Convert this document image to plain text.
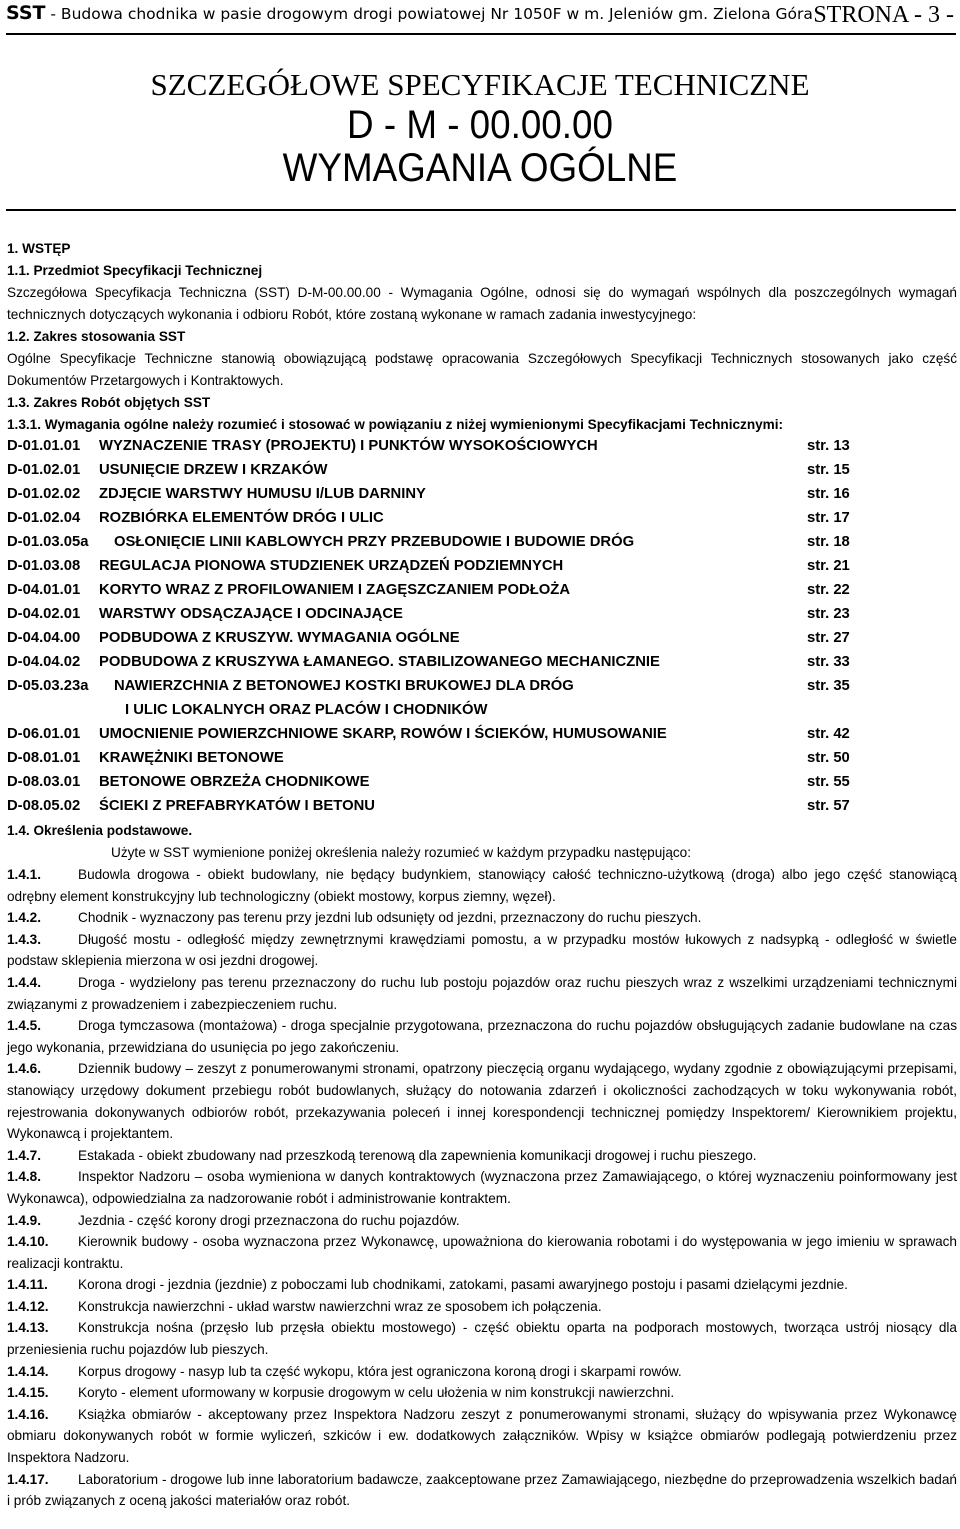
SST - Budowa chodnika w pasie drogowym drogi powiatowej Nr 1050F w m. Jeleniów gm. Zielona Góra STRONA - 3 -
SZCZEGÓŁOWE SPECYFIKACJE TECHNICZNE
D - M - 00.00.00
WYMAGANIA OGÓLNE
1. WSTĘP
1.1. Przedmiot Specyfikacji Technicznej
Szczegółowa Specyfikacja Techniczna (SST) D-M-00.00.00 - Wymagania Ogólne, odnosi się do wymagań wspólnych dla poszczególnych wymagań technicznych dotyczących wykonania i odbioru Robót, które zostaną wykonane w ramach zadania inwestycyjnego:
1.2. Zakres stosowania SST
Ogólne Specyfikacje Techniczne stanowią obowiązującą podstawę opracowania Szczegółowych Specyfikacji Technicznych stosowanych jako część Dokumentów Przetargowych i Kontraktowych.
1.3. Zakres Robót objętych SST
1.3.1. Wymagania ogólne należy rozumieć i stosować w powiązaniu z niżej wymienionymi Specyfikacjami Technicznymi:
D-01.01.01 WYZNACZENIE TRASY (PROJEKTU) I PUNKTÓW WYSOKOŚCIOWYCH	str. 13
D-01.02.01 USUNIĘCIE DRZEW I KRZAKÓW	str. 15
D-01.02.02 ZDJĘCIE WARSTWY HUMUSU I/LUB DARNINY	str. 16
D-01.02.04 ROZBIÓRKA ELEMENTÓW DRÓG I ULIC	str. 17
D-01.03.05a OSŁONIĘCIE LINII KABLOWYCH PRZY PRZEBUDOWIE I BUDOWIE DRÓG	str. 18
D-01.03.08 REGULACJA PIONOWA STUDZIENEK URZĄDZEŃ PODZIEMNYCH	str. 21
D-04.01.01 KORYTO WRAZ Z PROFILOWANIEM I ZAGĘSZCZANIEM PODŁOŻA	str. 22
D-04.02.01 WARSTWY ODSĄCZAJĄCE I ODCINAJĄCE	str. 23
D-04.04.00 PODBUDOWA Z KRUSZYW. WYMAGANIA OGÓLNE	str. 27
D-04.04.02 PODBUDOWA Z KRUSZYWA ŁAMANEGO. STABILIZOWANEGO MECHANICZNIE	str. 33
D-05.03.23a NAWIERZCHNIA Z BETONOWEJ KOSTKI BRUKOWEJ DLA DRÓG	str. 35
I ULIC LOKALNYCH ORAZ PLACÓW I CHODNIKÓW
D-06.01.01 UMOCNIENIE POWIERZCHNIOWE SKARP, ROWÓW I ŚCIEKÓW, HUMUSOWANIE	str. 42
D-08.01.01 KRAWĘŻNIKI BETONOWE	str. 50
D-08.03.01 BETONOWE OBRZEŻA CHODNIKOWE	str. 55
D-08.05.02 ŚCIEKI Z PREFABRYKATÓW I BETONU	str. 57
1.4. Określenia podstawowe.
Użyte w SST wymienione poniżej określenia należy rozumieć w każdym przypadku następująco:
1.4.1.	Budowla drogowa - obiekt budowlany, nie będący budynkiem, stanowiący całość techniczno-użytkową (droga) albo jego część stanowiącą odrębny element konstrukcyjny lub technologiczny (obiekt mostowy, korpus ziemny, węzeł).
1.4.2.	Chodnik - wyznaczony pas terenu przy jezdni lub odsunięty od jezdni, przeznaczony do ruchu pieszych.
1.4.3.	Długość mostu - odległość między zewnętrznymi krawędziami pomostu, a w przypadku mostów łukowych z nadsypką - odległość w świetle podstaw sklepienia mierzona w osi jezdni drogowej.
1.4.4.	Droga - wydzielony pas terenu przeznaczony do ruchu lub postoju pojazdów oraz ruchu pieszych wraz z wszelkimi urządzeniami technicznymi związanymi z prowadzeniem i zabezpieczeniem ruchu.
1.4.5.	Droga tymczasowa (montażowa) - droga specjalnie przygotowana, przeznaczona do ruchu pojazdów obsługujących zadanie budowlane na czas jego wykonania, przewidziana do usunięcia po jego zakończeniu.
1.4.6.	Dziennik budowy – zeszyt z ponumerowanymi stronami, opatrzony pieczęcią organu wydającego, wydany zgodnie z obowiązującymi przepisami, stanowiący urzędowy dokument przebiegu robót budowlanych, służący do notowania zdarzeń i okoliczności zachodzących w toku wykonywania robót, rejestrowania dokonywanych odbiorów robót, przekazywania poleceń i innej korespondencji technicznej pomiędzy Inspektorem/ Kierownikiem projektu, Wykonawcą i projektantem.
1.4.7.	Estakada - obiekt zbudowany nad przeszkodą terenową dla zapewnienia komunikacji drogowej i ruchu pieszego.
1.4.8.	Inspektor Nadzoru – osoba wymieniona w danych kontraktowych (wyznaczona przez Zamawiającego, o której wyznaczeniu poinformowany jest Wykonawca), odpowiedzialna za nadzorowanie robót i administrowanie kontraktem.
1.4.9.	Jezdnia - część korony drogi przeznaczona do ruchu pojazdów.
1.4.10. Kierownik budowy - osoba wyznaczona przez Wykonawcę, upoważniona do kierowania robotami i do występowania w jego imieniu w sprawach realizacji kontraktu.
1.4.11. Korona drogi - jezdnia (jezdnie) z poboczami lub chodnikami, zatokami, pasami awaryjnego postoju i pasami dzielącymi jezdnie.
1.4.12. Konstrukcja nawierzchni - układ warstw nawierzchni wraz ze sposobem ich połączenia.
1.4.13. Konstrukcja nośna (przęsło lub przęsła obiektu mostowego) - część obiektu oparta na podporach mostowych, tworząca ustrój niosący dla przeniesienia ruchu pojazdów lub pieszych.
1.4.14. Korpus drogowy - nasyp lub ta część wykopu, która jest ograniczona koroną drogi i skarpami rowów.
1.4.15. Koryto - element uformowany w korpusie drogowym w celu ułożenia w nim konstrukcji nawierzchni.
1.4.16. Książka obmiarów - akceptowany przez Inspektora Nadzoru zeszyt z ponumerowanymi stronami, służący do wpisywania przez Wykonawcę obmiaru dokonywanych robót w formie wyliczeń, szkiców i ew. dodatkowych załączników. Wpisy w książce obmiarów podlegają potwierdzeniu przez Inspektora Nadzoru.
1.4.17. Laboratorium - drogowe lub inne laboratorium badawcze, zaakceptowane przez Zamawiającego, niezbędne do przeprowadzenia wszelkich badań i prób związanych z oceną jakości materiałów oraz robót.
